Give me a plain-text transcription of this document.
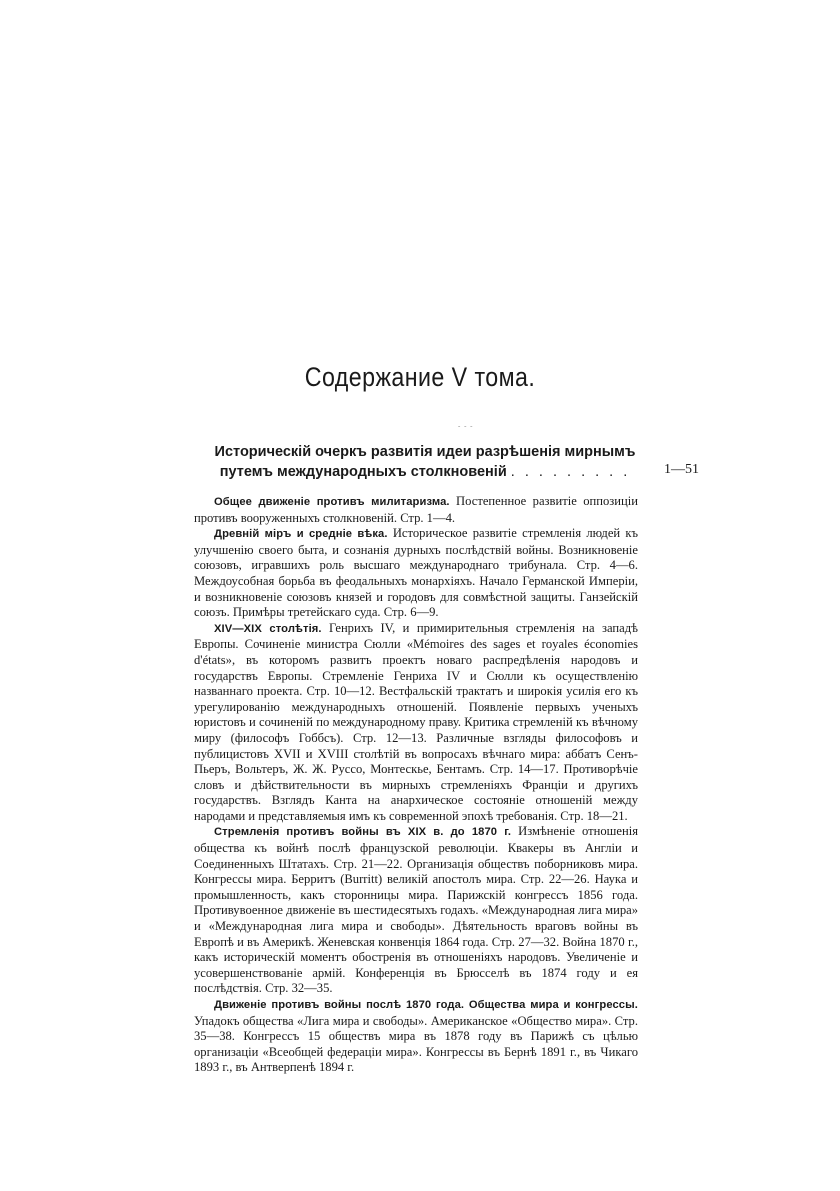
Содержание V тома.
- - -
Историческій очеркъ развитія идеи разрѣшенія мирнымъ
путемъ международныхъ столкновеній . . . . . . . . .	1—51

Общее движеніе противъ милитаризма. Постепенное развитіе оппозиціи противъ вооруженныхъ столкновеній. Стр. 1—4.

Древній міръ и средніе вѣка. Историческое развитіе стремленія людей къ улучшенію своего быта, и сознанія дурныхъ послѣдствій войны. Возникновеніе союзовъ, игравшихъ роль высшаго международнаго трибунала. Стр. 4—6. Междоусобная борьба въ феодальныхъ монархіяхъ. Начало Германской Имперіи, и возникновеніе союзовъ князей и городовъ для совмѣстной защиты. Ганзейскій союзъ. Примѣры третейскаго суда. Стр. 6—9.

XIV—XIX столѣтія. Генрихъ IV, и примирительныя стремленія на западѣ Европы. Сочиненіе министра Сюлли «Mémoires des sages et royales économies d'états», въ которомъ развитъ проектъ новаго распредѣленія народовъ и государствъ Европы. Стремленіе Генриха IV и Сюлли къ осуществленію названнаго проекта. Стр. 10—12. Вестфальскій трактатъ и широкія усилія его къ урегулированію международныхъ отношеній. Появленіе первыхъ ученыхъ юристовъ и сочиненій по международному праву. Критика стремленій къ вѣчному миру (философъ Гоббсъ). Стр. 12—13. Различные взгляды философовъ и публицистовъ XVII и XVIII столѣтій въ вопросахъ вѣчнаго мира: аббатъ Сенъ-Пьеръ, Вольтеръ, Ж. Ж. Руссо, Монтескье, Бентамъ. Стр. 14—17. Противорѣчіе словъ и дѣйствительности въ мирныхъ стремленіяхъ Франціи и другихъ государствъ. Взглядъ Канта на анархическое состояніе отношеній между народами и представляемыя имъ къ современной эпохѣ требованія. Стр. 18—21.

Стремленія противъ войны въ XIX в. до 1870 г. Измѣненіе отношенія общества къ войнѣ послѣ французской революціи. Квакеры въ Англіи и Соединенныхъ Штатахъ. Стр. 21—22. Организація обществъ поборниковъ мира. Конгрессы мира. Берритъ (Burritt) великій апостолъ мира. Стр. 22—26. Наука и промышленность, какъ сторонницы мира. Парижскій конгрессъ 1856 года. Противувоенное движеніе въ шестидесятыхъ годахъ. «Международная лига мира» и «Международная лига мира и свободы». Дѣятельность враговъ войны въ Европѣ и въ Америкѣ. Женевская конвенція 1864 года. Стр. 27—32. Война 1870 г., какъ историческій моментъ обостренія въ отношеніяхъ народовъ. Увеличеніе и усовершенствованіе армій. Конференція въ Брюсселѣ въ 1874 году и ея послѣдствія. Стр. 32—35.

Движеніе противъ войны послѣ 1870 года. Общества мира и конгрессы. Упадокъ общества «Лига мира и свободы». Американское «Общество мира». Стр. 35—38. Конгрессъ 15 обществъ мира въ 1878 году въ Парижѣ съ цѣлью организаціи «Всеобщей федераціи мира». Конгрессы въ Бернѣ 1891 г., въ Чикаго 1893 г., въ Антверпенѣ 1894 г.
